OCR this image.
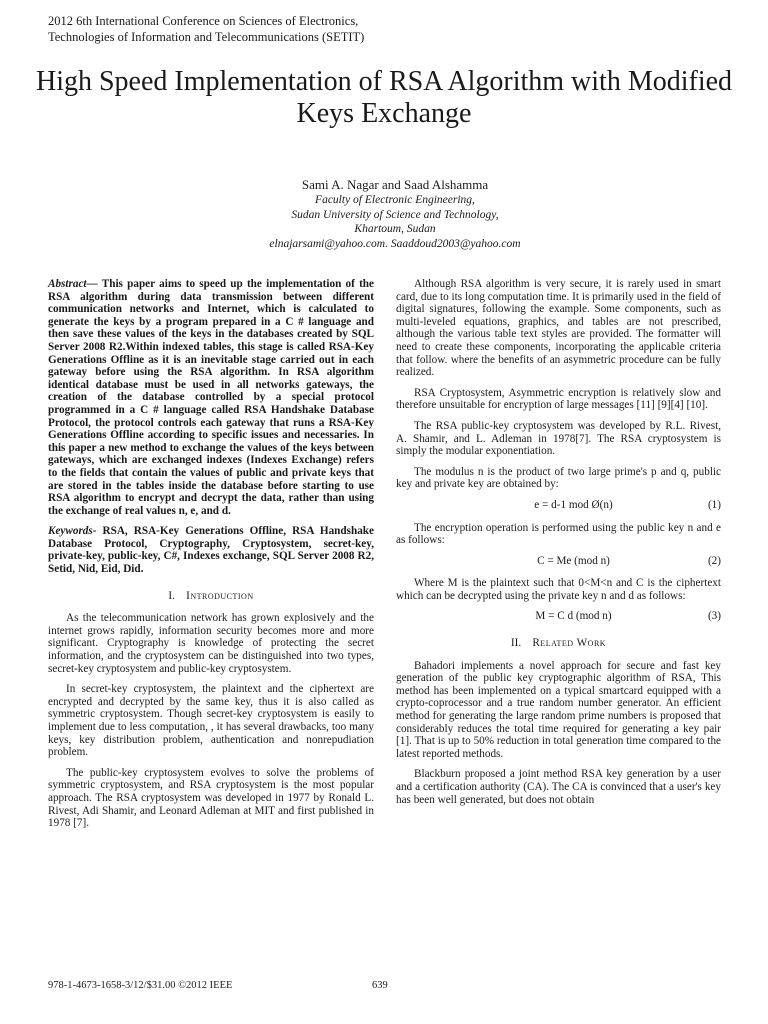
2012 6th International Conference on Sciences of Electronics,
Technologies of Information and Telecommunications (SETIT)
High Speed Implementation of RSA Algorithm with Modified Keys Exchange
Sami A. Nagar and Saad Alshamma
Faculty of Electronic Engineering,
Sudan University of Science and Technology,
Khartoum, Sudan
elnajarsami@yahoo.com. Saaddoud2003@yahoo.com

Abstract— This paper aims to speed up the implementation of the RSA algorithm during data transmission between different communication networks and Internet, which is calculated to generate the keys by a program prepared in a C # language and then save these values of the keys in the databases created by SQL Server 2008 R2.Within indexed tables, this stage is called RSA-Key Generations Offline as it is an inevitable stage carried out in each gateway before using the RSA algorithm. In RSA algorithm identical database must be used in all networks gateways, the creation of the database controlled by a special protocol programmed in a C # language called RSA Handshake Database Protocol, the protocol controls each gateway that runs a RSA-Key Generations Offline according to specific issues and necessaries. In this paper a new method to exchange the values of the keys between gateways, which are exchanged indexes (Indexes Exchange) refers to the fields that contain the values of public and private keys that are stored in the tables inside the database before starting to use RSA algorithm to encrypt and decrypt the data, rather than using the exchange of real values n, e, and d.

Keywords- RSA, RSA-Key Generations Offline, RSA Handshake Database Protocol, Cryptography, Cryptosystem, secret-key, private-key, public-key, C#, Indexes exchange, SQL Server 2008 R2, Setid, Nid, Eid, Did.

I. Introduction

As the telecommunication network has grown explosively and the internet grows rapidly, information security becomes more and more significant. Cryptography is knowledge of protecting the secret information, and the cryptosystem can be distinguished into two types, secret-key cryptosystem and public-key cryptosystem.

In secret-key cryptosystem, the plaintext and the ciphertext are encrypted and decrypted by the same key, thus it is also called as symmetric cryptosystem. Though secret-key cryptosystem is easily to implement due to less computation, , it has several drawbacks, too many keys, key distribution problem, authentication and nonrepudiation problem.

The public-key cryptosystem evolves to solve the problems of symmetric cryptosystem, and RSA cryptosystem is the most popular approach. The RSA cryptosystem was developed in 1977 by Ronald L. Rivest, Adi Shamir, and Leonard Adleman at MIT and first published in 1978 [7].

Although RSA algorithm is very secure, it is rarely used in smart card, due to its long computation time. It is primarily used in the field of digital signatures, following the example. Some components, such as multi-leveled equations, graphics, and tables are not prescribed, although the various table text styles are provided. The formatter will need to create these components, incorporating the applicable criteria that follow. where the benefits of an asymmetric procedure can be fully realized.

RSA Cryptosystem, Asymmetric encryption is relatively slow and therefore unsuitable for encryption of large messages [11] [9][4] [10].

The RSA public-key cryptosystem was developed by R.L. Rivest, A. Shamir, and L. Adleman in 1978[7]. The RSA cryptosystem is simply the modular exponentiation.

The modulus n is the product of two large prime's p and q, public key and private key are obtained by:

e = d-1 mod Ø(n)	(1)

The encryption operation is performed using the public key n and e as follows:

C = Me (mod n)	(2)

Where M is the plaintext such that 0<M<n and C is the ciphertext which can be decrypted using the private key n and d as follows:

M = C d (mod n)	(3)
II. Related Work

Bahadori implements a novel approach for secure and fast key generation of the public key cryptographic algorithm of RSA, This method has been implemented on a typical smartcard equipped with a crypto-coprocessor and a true random number generator. An efficient method for generating the large random prime numbers is proposed that considerably reduces the total time required for generating a key pair [1]. That is up to 50% reduction in total generation time compared to the latest reported methods.

Blackburn proposed a joint method RSA key generation by a user and a certification authority (CA). The CA is convinced that a user's key has been well generated, but does not obtain

978-1-4673-1658-3/12/$31.00 ©2012 IEEE	639
